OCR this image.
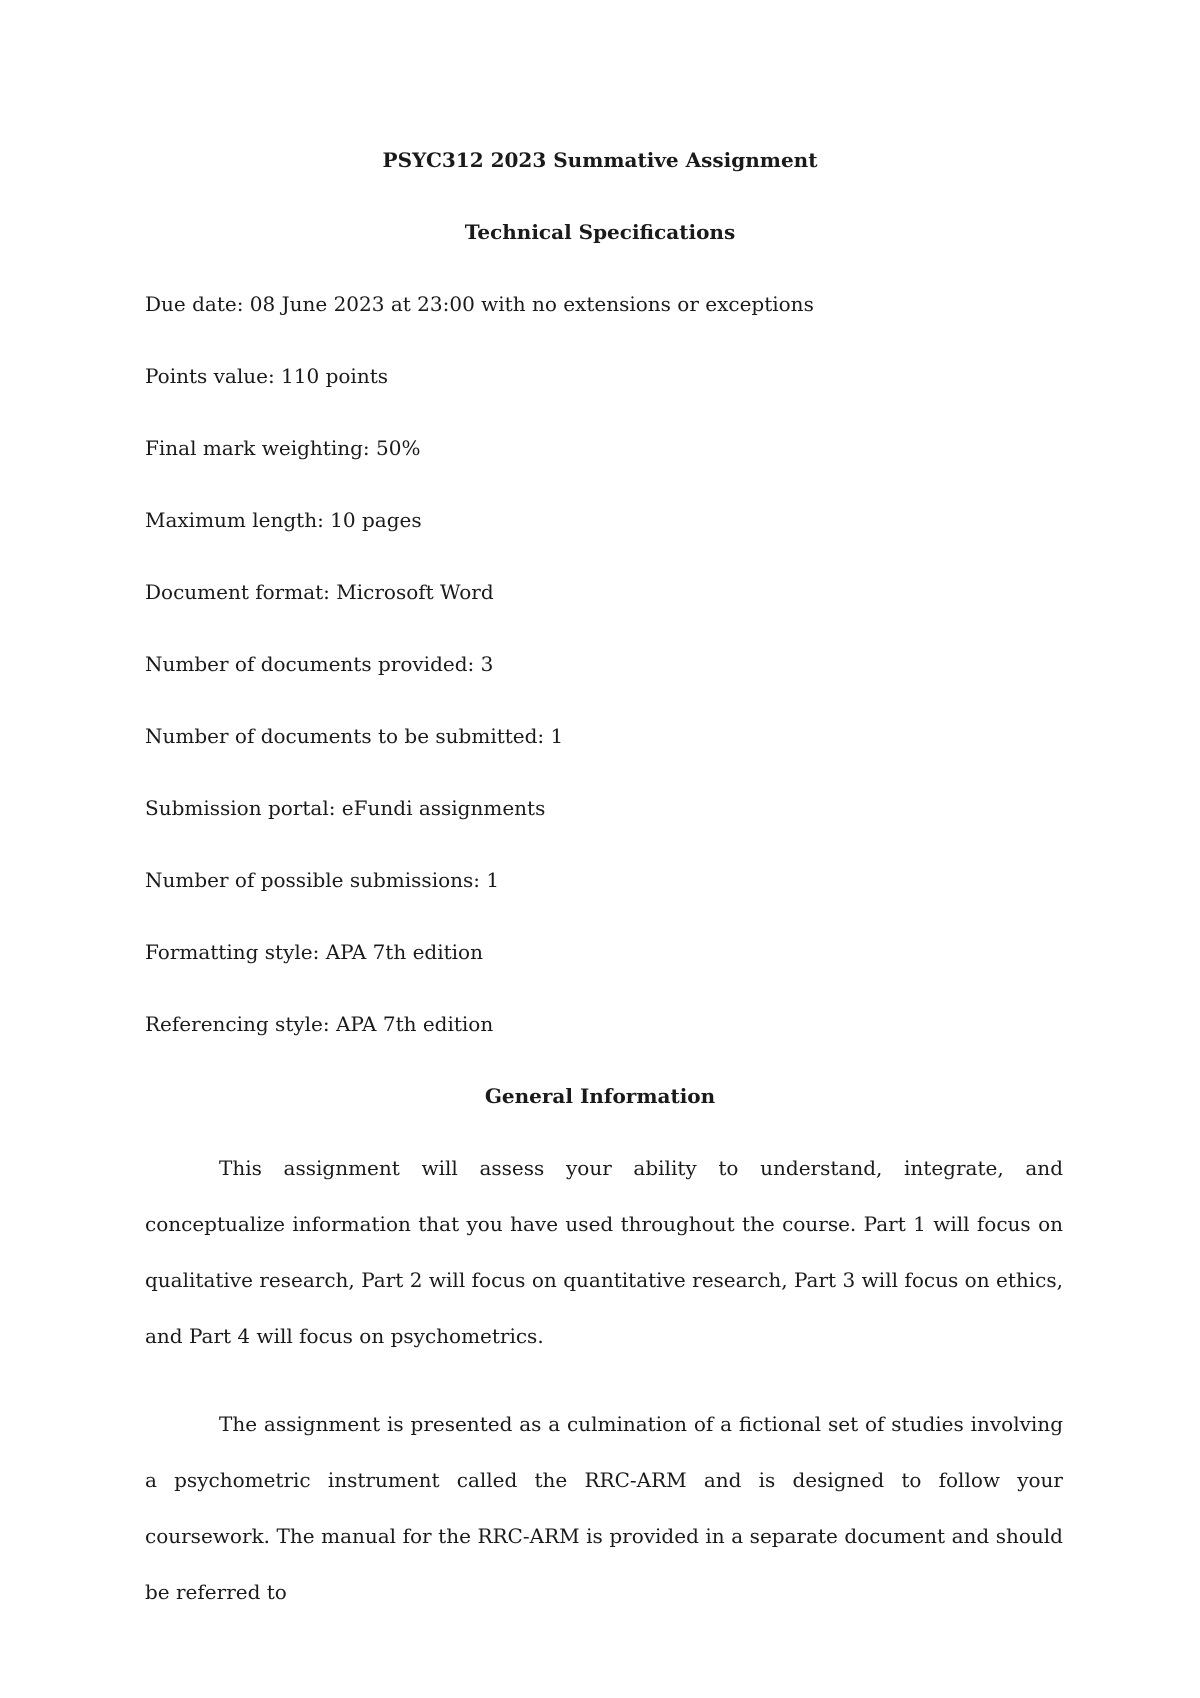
PSYC312 2023 Summative Assignment
Technical Specifications

Due date: 08 June 2023 at 23:00 with no extensions or exceptions

Points value: 110 points

Final mark weighting: 50%

Maximum length: 10 pages

Document format: Microsoft Word

Number of documents provided: 3

Number of documents to be submitted: 1

Submission portal: eFundi assignments

Number of possible submissions: 1

Formatting style: APA 7th edition

Referencing style: APA 7th edition

General Information

This assignment will assess your ability to understand, integrate, and conceptualize information that you have used throughout the course. Part 1 will focus on qualitative research, Part 2 will focus on quantitative research, Part 3 will focus on ethics, and Part 4 will focus on psychometrics.

The assignment is presented as a culmination of a fictional set of studies involving a psychometric instrument called the RRC-ARM and is designed to follow your coursework. The manual for the RRC-ARM is provided in a separate document and should be referred to
